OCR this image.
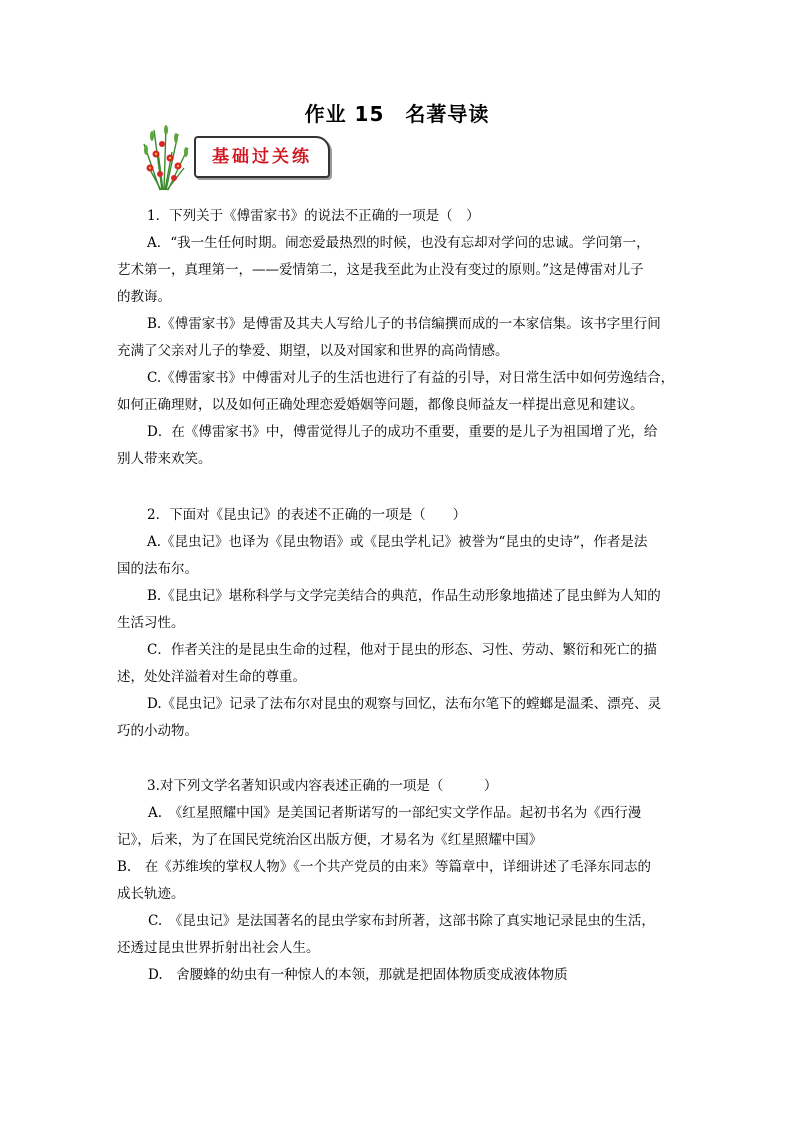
作业 15　名著导读
基础过关练
1．下列关于《傅雷家书》的说法不正确的一项是（　）
A．“我一生任何时期。闹恋爱最热烈的时候，也没有忘却对学问的忠诚。学问第一，
艺术第一，真理第一，——爱情第二，这是我至此为止没有变过的原则。”这是傅雷对儿子
的教诲。
B.《傅雷家书》是傅雷及其夫人写给儿子的书信编撰而成的一本家信集。该书字里行间
充满了父亲对儿子的挚爱、期望，以及对国家和世界的高尚情感。
C.《傅雷家书》中傅雷对儿子的生活也进行了有益的引导，对日常生活中如何劳逸结合，
如何正确理财，以及如何正确处理恋爱婚姻等问题，都像良师益友一样提出意见和建议。
D．在《傅雷家书》中，傅雷觉得儿子的成功不重要，重要的是儿子为祖国增了光，给
别人带来欢笑。
2．下面对《昆虫记》的表述不正确的一项是（　　）
A.《昆虫记》也译为《昆虫物语》或《昆虫学札记》被誉为“昆虫的史诗”，作者是法
国的法布尔。
B.《昆虫记》堪称科学与文学完美结合的典范，作品生动形象地描述了昆虫鲜为人知的
生活习性。
C．作者关注的是昆虫生命的过程，他对于昆虫的形态、习性、劳动、繁衍和死亡的描
述，处处洋溢着对生命的尊重。
D.《昆虫记》记录了法布尔对昆虫的观察与回忆，法布尔笔下的螳螂是温柔、漂亮、灵
巧的小动物。
3.对下列文学名著知识或内容表述正确的一项是（　　　）
A.　《红星照耀中国》是美国记者斯诺写的一部纪实文学作品。起初书名为《西行漫
记》，后来，为了在国民党统治区出版方便，才易名为《红星照耀中国》
B.　在《苏维埃的掌权人物》《一个共产党员的由来》等篇章中，详细讲述了毛泽东同志的
成长轨迹。
C.　《昆虫记》是法国著名的昆虫学家布封所著，这部书除了真实地记录昆虫的生活，
还透过昆虫世界折射出社会人生。
D.　舍腰蜂的幼虫有一种惊人的本领，那就是把固体物质变成液体物质
